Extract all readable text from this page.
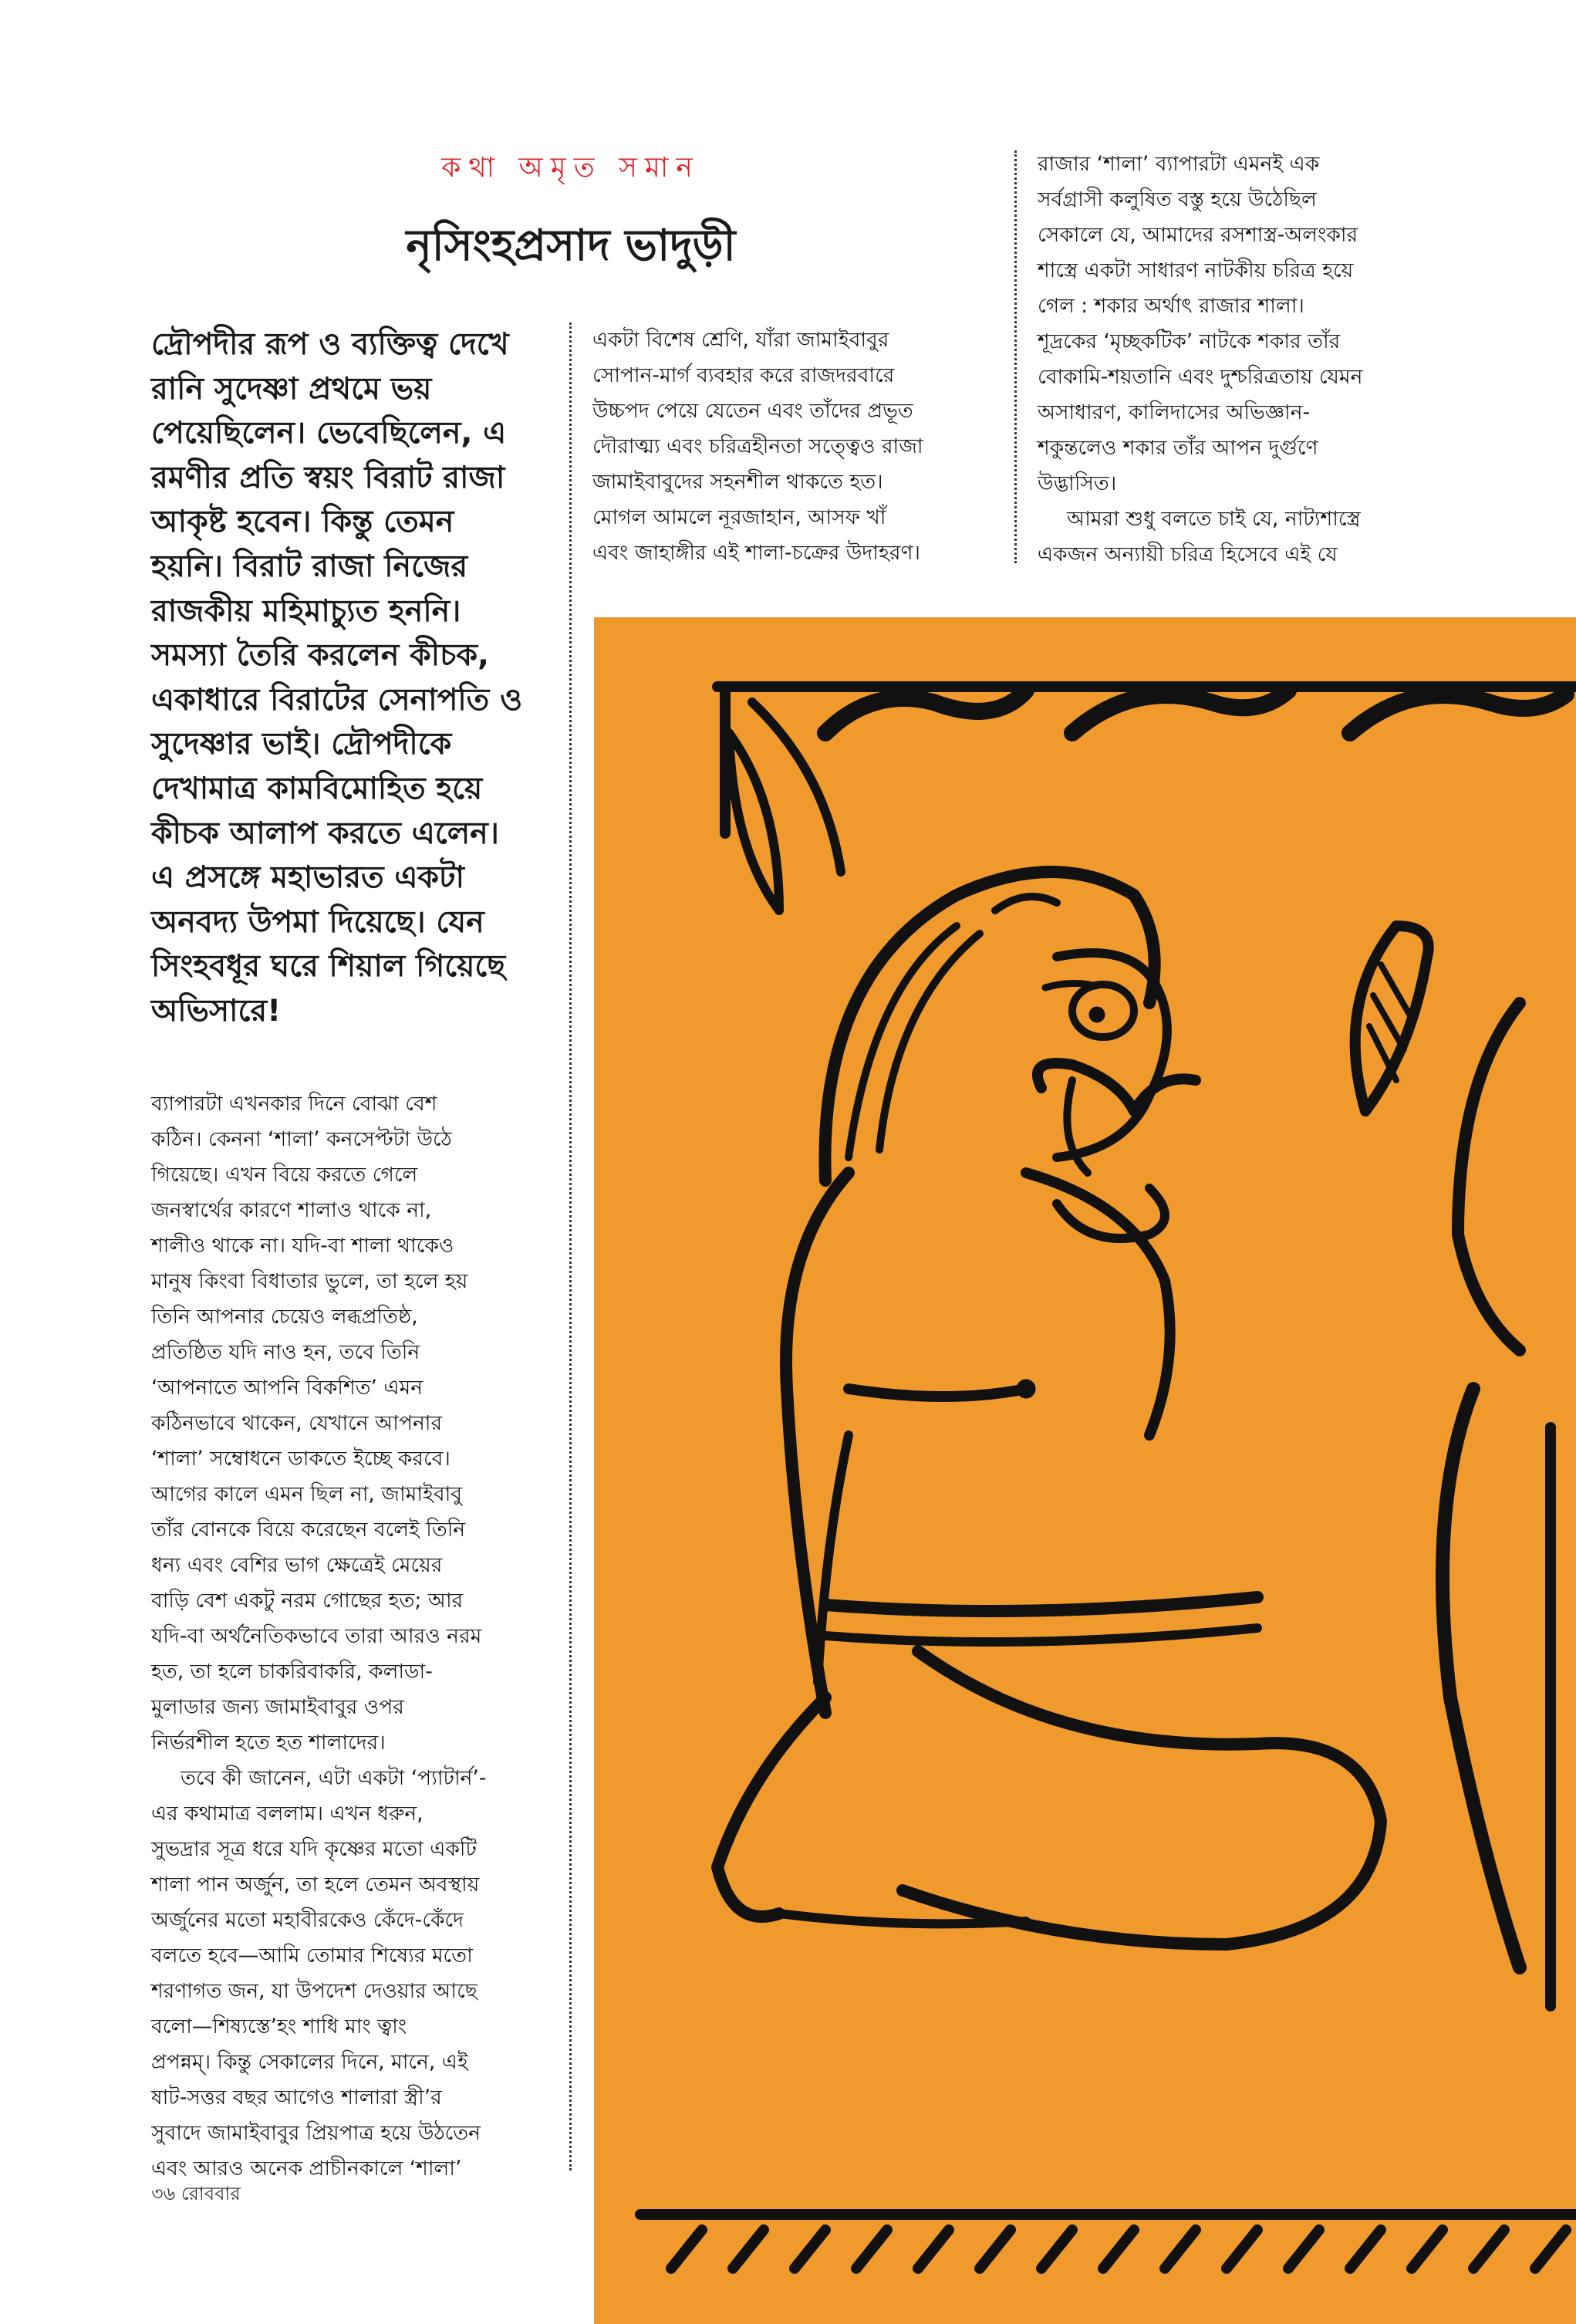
কথা অমৃত সমান
নৃসিংহপ্রসাদ ভাদুড়ী
দ্রৌপদীর রূপ ও ব্যক্তিত্ব দেখে
রানি সুদেষ্ণা প্রথমে ভয়
পেয়েছিলেন। ভেবেছিলেন, এ
রমণীর প্রতি স্বয়ং বিরাট রাজা
আকৃষ্ট হবেন। কিন্তু তেমন
হয়নি। বিরাট রাজা নিজের
রাজকীয় মহিমাচ্যুত হননি।
সমস্যা তৈরি করলেন কীচক,
একাধারে বিরাটের সেনাপতি ও
সুদেষ্ণার ভাই। দ্রৌপদীকে
দেখামাত্র কামবিমোহিত হয়ে
কীচক আলাপ করতে এলেন।
এ প্রসঙ্গে মহাভারত একটা
অনবদ্য উপমা দিয়েছে। যেন
সিংহবধূর ঘরে শিয়াল গিয়েছে
অভিসারে!
ব্যাপারটা এখনকার দিনে বোঝা বেশ
কঠিন। কেননা ‘শালা’ কনসেপ্টটা উঠে
গিয়েছে। এখন বিয়ে করতে গেলে
জনস্বার্থের কারণে শালাও থাকে না,
শালীও থাকে না। যদি-বা শালা থাকেও
মানুষ কিংবা বিধাতার ভুলে, তা হলে হয়
তিনি আপনার চেয়েও লব্ধপ্রতিষ্ঠ,
প্রতিষ্ঠিত যদি নাও হন, তবে তিনি
‘আপনাতে আপনি বিকশিত’ এমন
কঠিনভাবে থাকেন, যেখানে আপনার
‘শালা’ সম্বোধনে ডাকতে ইচ্ছে করবে।
আগের কালে এমন ছিল না, জামাইবাবু
তাঁর বোনকে বিয়ে করেছেন বলেই তিনি
ধন্য এবং বেশির ভাগ ক্ষেত্রেই মেয়ের
বাড়ি বেশ একটু নরম গোছের হত; আর
যদি-বা অর্থনৈতিকভাবে তারা আরও নরম
হত, তা হলে চাকরিবাকরি, কলাডা-
মুলাডার জন্য জামাইবাবুর ওপর
নির্ভরশীল হতে হত শালাদের।
তবে কী জানেন, এটা একটা ‘প্যাটার্ন’-
এর কথামাত্র বললাম। এখন ধরুন,
সুভদ্রার সূত্র ধরে যদি কৃষ্ণের মতো একটি
শালা পান অর্জুন, তা হলে তেমন অবস্থায়
অর্জুনের মতো মহাবীরকেও কেঁদে-কেঁদে
বলতে হবে—আমি তোমার শিষ্যের মতো
শরণাগত জন, যা উপদেশ দেওয়ার আছে
বলো—শিষ্যস্তে’হং শাধি মাং ত্বাং
প্রপন্নম্‌। কিন্তু সেকালের দিনে, মানে, এই
ষাট-সত্তর বছর আগেও শালারা স্ত্রী’র
সুবাদে জামাইবাবুর প্রিয়পাত্র হয়ে উঠতেন
এবং আরও অনেক প্রাচীনকালে ‘শালা’
একটা বিশেষ শ্রেণি, যাঁরা জামাইবাবুর
সোপান-মার্গ ব্যবহার করে রাজদরবারে
উচ্চপদ পেয়ে যেতেন এবং তাঁদের প্রভূত
দৌরাত্ম্য এবং চরিত্রহীনতা সত্ত্বেও রাজা
জামাইবাবুদের সহনশীল থাকতে হত।
মোগল আমলে নূরজাহান, আসফ খাঁ
এবং জাহাঙ্গীর এই শালা-চক্রের উদাহরণ।
রাজার ‘শালা’ ব্যাপারটা এমনই এক
সর্বগ্রাসী কলুষিত বস্তু হয়ে উঠেছিল
সেকালে যে, আমাদের রসশাস্ত্র-অলংকার
শাস্ত্রে একটা সাধারণ নাটকীয় চরিত্র হয়ে
গেল : শকার অর্থাৎ রাজার শালা।
শূদ্রকের ‘মৃচ্ছকটিক’ নাটকে শকার তাঁর
বোকামি-শয়তানি এবং দুশ্চরিত্রতায় যেমন
অসাধারণ, কালিদাসের অভিজ্ঞান-
শকুন্তলেও শকার তাঁর আপন দুর্গুণে
উদ্ভাসিত।
আমরা শুধু বলতে চাই যে, নাট্যশাস্ত্রে
একজন অন্যায়ী চরিত্র হিসেবে এই যে
৩৬ রোববার
